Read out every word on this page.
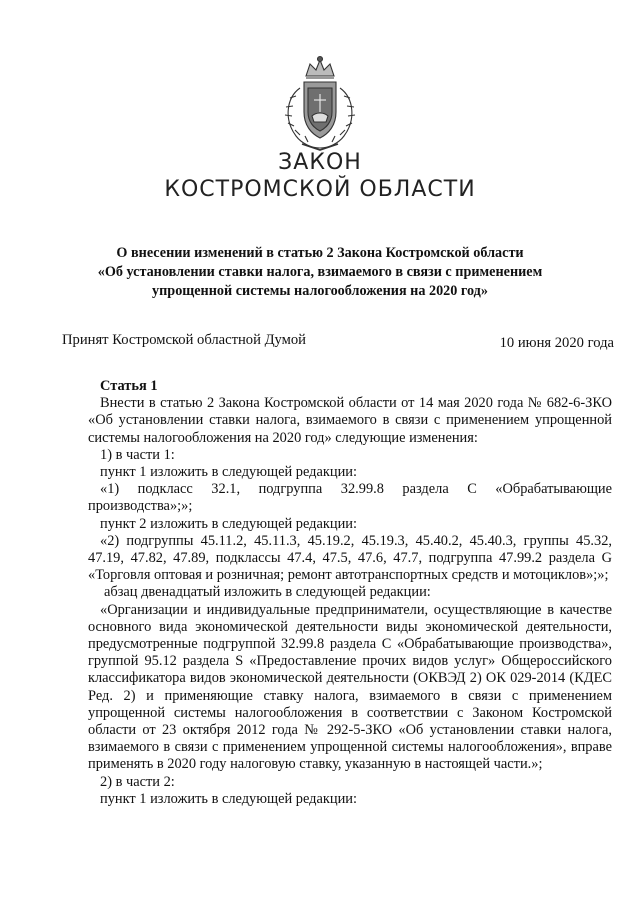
ЗАКОН
КОСТРОМСКОЙ ОБЛАСТИ
О внесении изменений в статью 2 Закона Костромской области
«Об установлении ставки налога, взимаемого в связи с применением
упрощенной системы налогообложения на 2020 год»
Принят Костромской областной Думой	10 июня 2020 года

Статья 1

Внести в статью 2 Закона Костромской области от 14 мая 2020 года № 682-6-ЗКО «Об установлении ставки налога, взимаемого в связи с применением упрощенной системы налогообложения на 2020 год» следующие изменения:

1) в части 1:

пункт 1 изложить в следующей редакции:

«1) подкласс 32.1, подгруппа 32.99.8 раздела C «Обрабатывающие производства»;»;

пункт 2 изложить в следующей редакции:

«2) подгруппы 45.11.2, 45.11.3, 45.19.2, 45.19.3, 45.40.2, 45.40.3, группы 45.32, 47.19, 47.82, 47.89, подклассы 47.4, 47.5, 47.6, 47.7, подгруппа 47.99.2 раздела G «Торговля оптовая и розничная; ремонт автотранспортных средств и мотоциклов»;»;

абзац двенадцатый изложить в следующей редакции:

«Организации и индивидуальные предприниматели, осуществляющие в качестве основного вида экономической деятельности виды экономической деятельности, предусмотренные подгруппой 32.99.8 раздела C «Обрабатывающие производства», группой 95.12 раздела S «Предоставление прочих видов услуг» Общероссийского классификатора видов экономической деятельности (ОКВЭД 2) ОК 029-2014 (КДЕС Ред. 2) и применяющие ставку налога, взимаемого в связи с применением упрощенной системы налогообложения в соответствии с Законом Костромской области от 23 октября 2012 года № 292-5-ЗКО «Об установлении ставки налога, взимаемого в связи с применением упрощенной системы налогообложения», вправе применять в 2020 году налоговую ставку, указанную в настоящей части.»;

2) в части 2:

пункт 1 изложить в следующей редакции:
